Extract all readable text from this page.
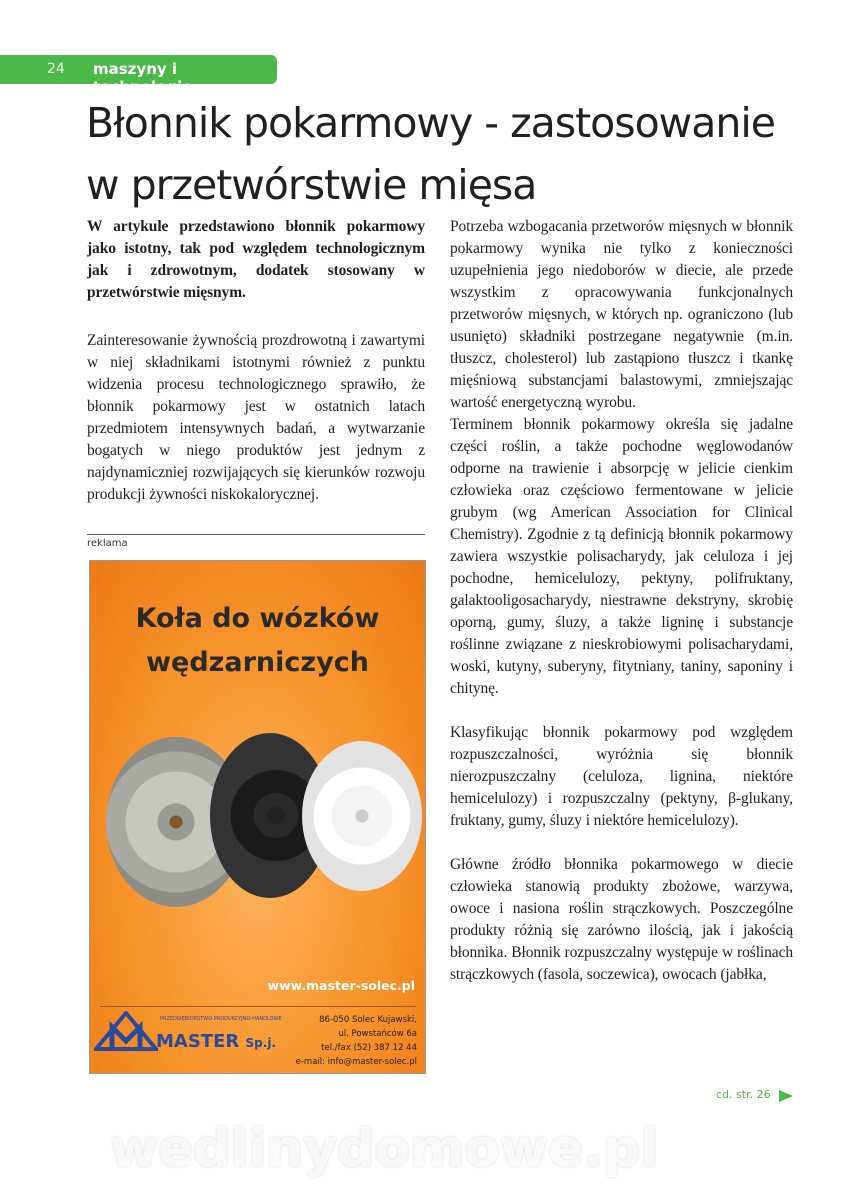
24 maszyny i technologie
Błonnik pokarmowy - zastosowanie w przetwórstwie mięsa
W artykule przedstawiono błonnik pokarmowy jako istotny, tak pod względem technologicznym jak i zdrowotnym, dodatek stosowany w przetwórstwie mięsnym.
Zainteresowanie żywnością prozdrowotną i zawartymi w niej składnikami istotnymi również z punktu widzenia procesu technologicznego sprawiło, że błonnik pokarmowy jest w ostatnich latach przedmiotem intensywnych badań, a wytwarzanie bogatych w niego produktów jest jednym z najdynamiczniej rozwijających się kierunków rozwoju produkcji żywności niskokalorycznej.
reklama
Koła do wózków
wędzarniczych
www.master-solec.pl
PRZEDSIĘBIORSTWO PRODUKCYJNO-HANDLOWE
MASTER Sp.j.
86-050 Solec Kujawski,
ul. Powstańców 6a
tel./fax (52) 387 12 44
e-mail: info@master-solec.pl

Potrzeba wzbogacania przetworów mięsnych w błonnik pokarmowy wynika nie tylko z konieczności uzupełnienia jego niedoborów w diecie, ale przede wszystkim z opracowywania funkcjonalnych przetworów mięsnych, w których np. ograniczono (lub usunięto) składniki postrzegane negatywnie (m.in. tłuszcz, cholesterol) lub zastąpiono tłuszcz i tkankę mięśniową substancjami balastowymi, zmniejszając wartość energetyczną wyrobu.

Terminem błonnik pokarmowy określa się jadalne części roślin, a także pochodne węglowodanów odporne na trawienie i absorpcję w jelicie cienkim człowieka oraz częściowo fermentowane w jelicie grubym (wg American Association for Clinical Chemistry). Zgodnie z tą definicją błonnik pokarmowy zawiera wszystkie polisacharydy, jak celuloza i jej pochodne, hemicelulozy, pektyny, polifruktany, galaktooligosacharydy, niestrawne dekstryny, skrobię oporną, gumy, śluzy, a także ligninę i substancje roślinne związane z nieskrobiowymi polisacharydami, woski, kutyny, suberyny, fitytniany, taniny, saponiny i chitynę.

Klasyfikując błonnik pokarmowy pod względem rozpuszczalności, wyróżnia się błonnik nierozpuszczalny (celuloza, lignina, niektóre hemicelulozy) i rozpuszczalny (pektyny, β-glukany, fruktany, gumy, śluzy i niektóre hemicelulozy).

Główne źródło błonnika pokarmowego w diecie człowieka stanowią produkty zbożowe, warzywa, owoce i nasiona roślin strączkowych. Poszczególne produkty różnią się zarówno ilością, jak i jakością błonnika. Błonnik rozpuszczalny występuje w roślinach strączkowych (fasola, soczewica), owocach (jabłka,

cd. str. 26
wedlinydomowe.pl
